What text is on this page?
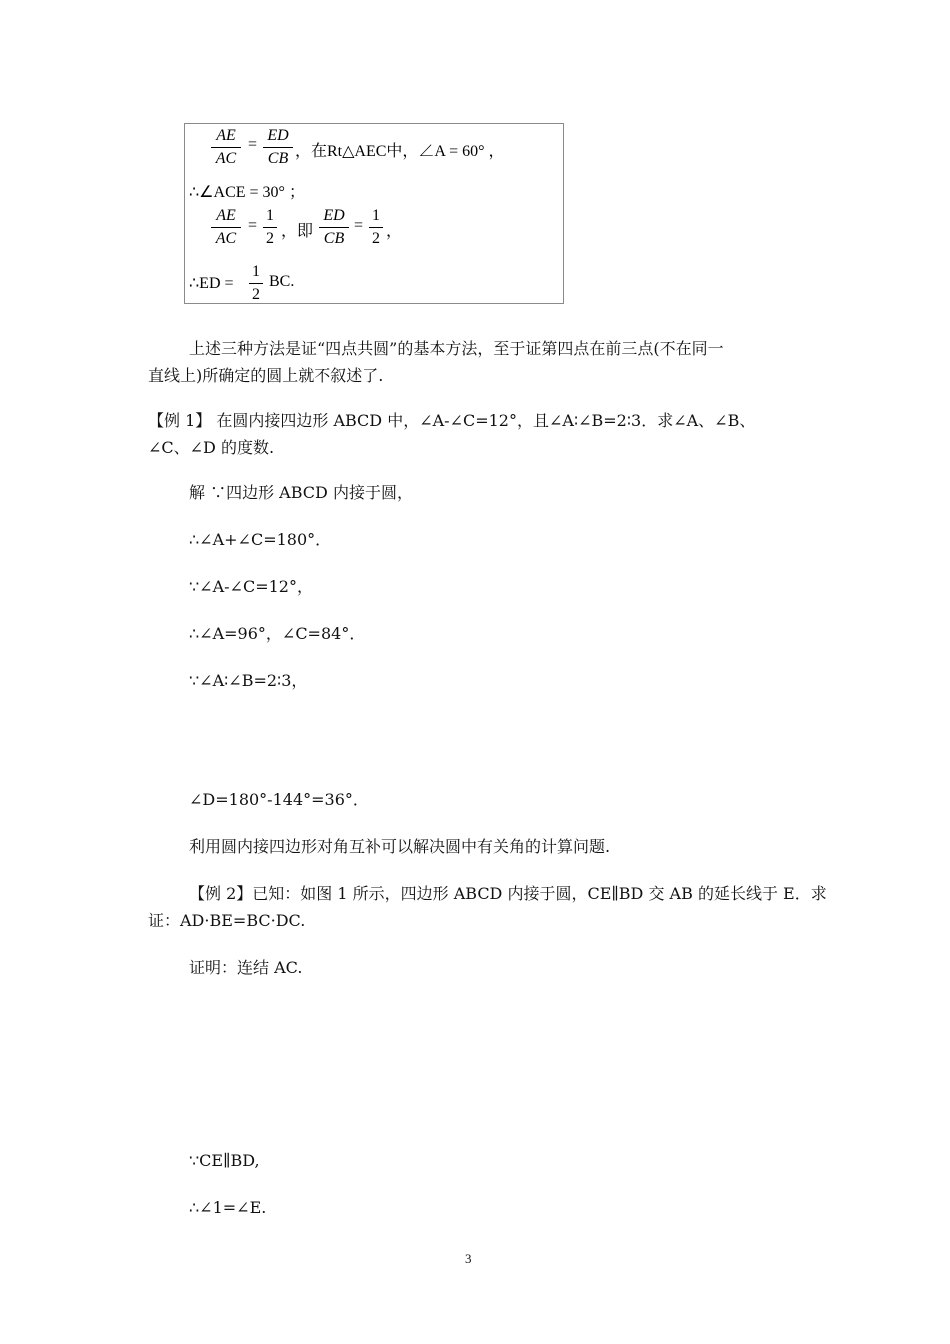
AE
AC
=
ED
CB ，在Rt△AEC中，∠A = 60° ，
∴∠ACE = 30° ；
AE
AC
=
1
2 ，即
ED
CB
=
1
2 ，
∴ED =
1
2
BC.
上述三种方法是证“四点共圆”的基本方法，至于证第四点在前三点(不在同一
直线上)所确定的圆上就不叙述了.
【例 1】 在圆内接四边形 ABCD 中，∠A-∠C=12°，且∠A∶∠B=2∶3．求∠A、∠B、
∠C、∠D 的度数.
解 ∵四边形 ABCD 内接于圆，
∴∠A+∠C=180°．
∵∠A-∠C=12°，
∴∠A=96°，∠C=84°．
∵∠A∶∠B=2∶3，
∠D=180°-144°=36°．
利用圆内接四边形对角互补可以解决圆中有关角的计算问题.
【例 2】已知：如图 1 所示，四边形 ABCD 内接于圆，CE∥BD 交 AB 的延长线于 E．求
证：AD·BE=BC·DC.
证明：连结 AC.
∵CE∥BD,
∴∠1=∠E.
3
